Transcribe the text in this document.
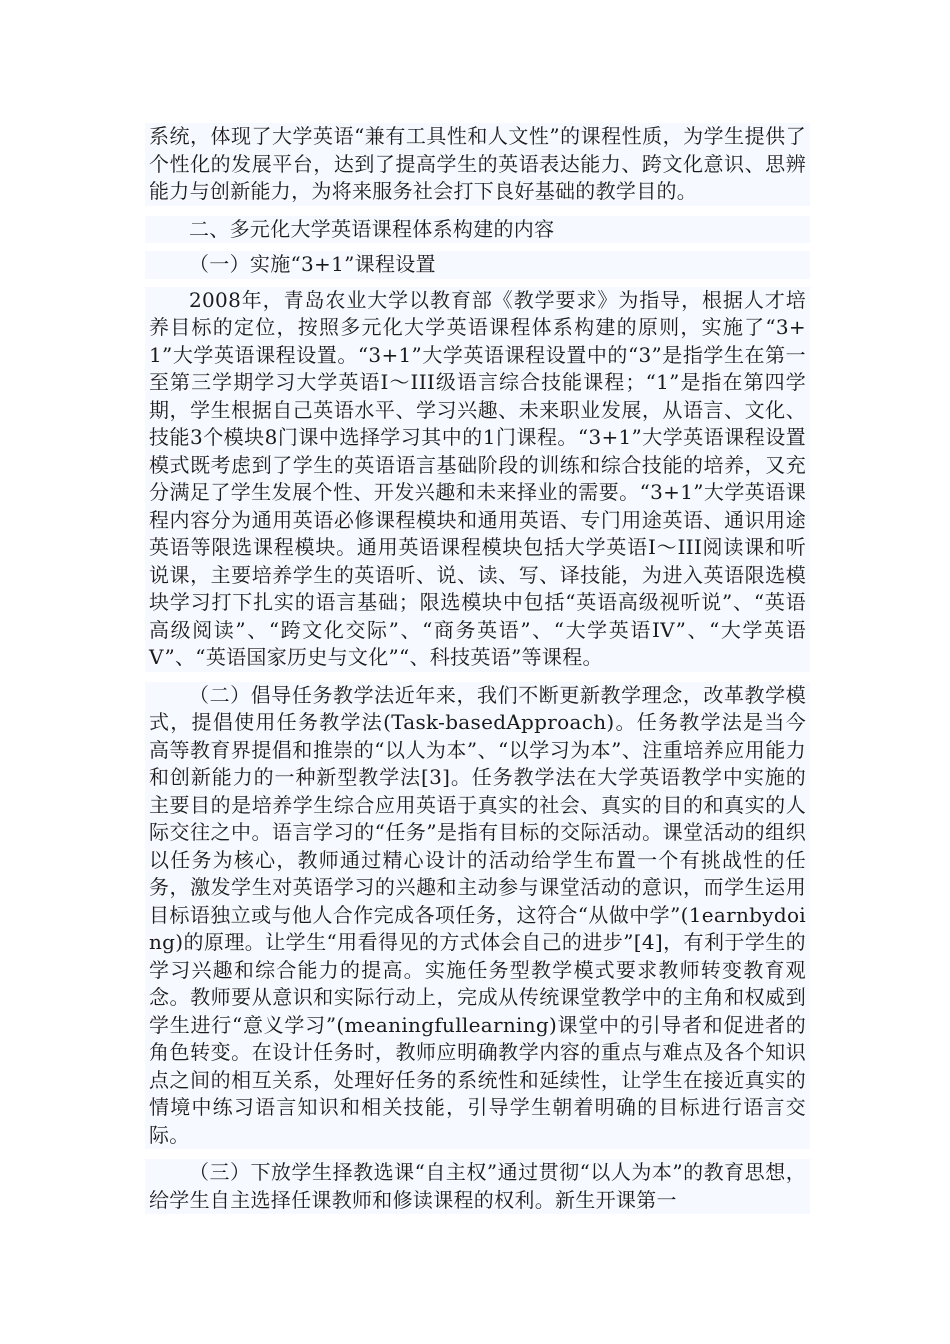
系统，体现了大学英语“兼有工具性和人文性”的课程性质，为学生提供了个性化的发展平台，达到了提高学生的英语表达能力、跨文化意识、思辨能力与创新能力，为将来服务社会打下良好基础的教学目的。

二、多元化大学英语课程体系构建的内容

（一）实施“3+1”课程设置

2008年，青岛农业大学以教育部《教学要求》为指导，根据人才培养目标的定位，按照多元化大学英语课程体系构建的原则，实施了“3+1”大学英语课程设置。“3+1”大学英语课程设置中的“3”是指学生在第一至第三学期学习大学英语Ⅰ～III级语言综合技能课程；“1”是指在第四学期，学生根据自己英语水平、学习兴趣、未来职业发展，从语言、文化、技能3个模块8门课中选择学习其中的1门课程。“3+1”大学英语课程设置模式既考虑到了学生的英语语言基础阶段的训练和综合技能的培养，又充分满足了学生发展个性、开发兴趣和未来择业的需要。“3+1”大学英语课程内容分为通用英语必修课程模块和通用英语、专门用途英语、通识用途英语等限选课程模块。通用英语课程模块包括大学英语Ⅰ～III阅读课和听说课，主要培养学生的英语听、说、读、写、译技能，为进入英语限选模块学习打下扎实的语言基础；限选模块中包括“英语高级视听说”、“英语高级阅读”、“跨文化交际”、“商务英语”、“大学英语IV”、“大学英语V”、“英语国家历史与文化”“、科技英语”等课程。

（二）倡导任务教学法近年来，我们不断更新教学理念，改革教学模式，提倡使用任务教学法(Task-basedApproach)。任务教学法是当今高等教育界提倡和推崇的“以人为本”、“以学习为本”、注重培养应用能力和创新能力的一种新型教学法[3]。任务教学法在大学英语教学中实施的主要目的是培养学生综合应用英语于真实的社会、真实的目的和真实的人际交往之中。语言学习的“任务”是指有目标的交际活动。课堂活动的组织以任务为核心，教师通过精心设计的活动给学生布置一个有挑战性的任务，激发学生对英语学习的兴趣和主动参与课堂活动的意识，而学生运用目标语独立或与他人合作完成各项任务，这符合“从做中学”(1earnbydoing)的原理。让学生“用看得见的方式体会自己的进步”[4]，有利于学生的学习兴趣和综合能力的提高。实施任务型教学模式要求教师转变教育观念。教师要从意识和实际行动上，完成从传统课堂教学中的主角和权威到学生进行“意义学习”(meaningfullearning)课堂中的引导者和促进者的角色转变。在设计任务时，教师应明确教学内容的重点与难点及各个知识点之间的相互关系，处理好任务的系统性和延续性，让学生在接近真实的情境中练习语言知识和相关技能，引导学生朝着明确的目标进行语言交际。

（三）下放学生择教选课“自主权”通过贯彻“以人为本”的教育思想，给学生自主选择任课教师和修读课程的权利。新生开课第一
